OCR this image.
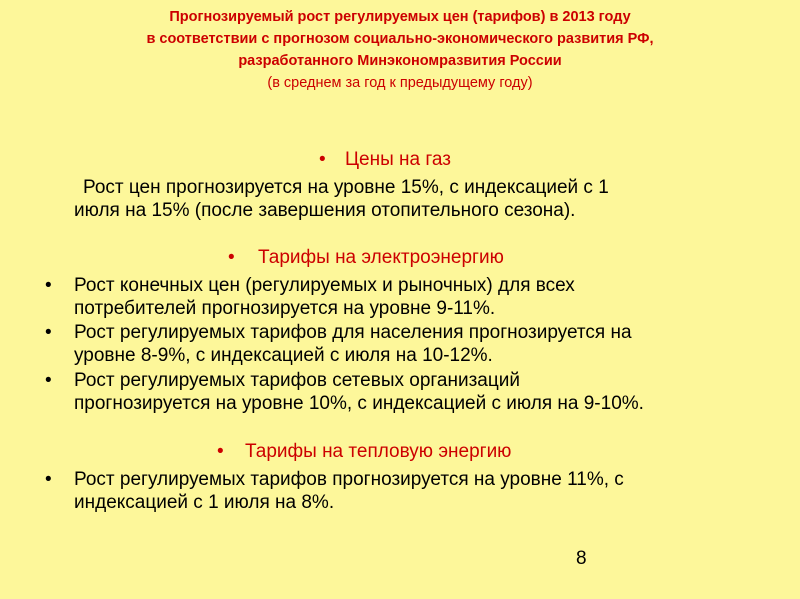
Прогнозируемый рост регулируемых цен (тарифов) в 2013 году
в соответствии с прогнозом социально-экономического развития РФ,
разработанного Минэкономразвития России
(в среднем за год к предыдущему году)
• Цены на газ
Рост цен прогнозируется на уровне 15%, с индексацией с 1
июля на 15% (после завершения отопительного сезона).
• Тарифы на электроэнергию
• Рост конечных цен (регулируемых и рыночных) для всех
потребителей прогнозируется на уровне 9-11%.
• Рост регулируемых тарифов для населения прогнозируется на
уровне 8-9%, с индексацией с июля на 10-12%.
• Рост регулируемых тарифов сетевых организаций
прогнозируется на уровне 10%, с индексацией с июля на 9-10%.
• Тарифы на тепловую энергию
• Рост регулируемых тарифов прогнозируется на уровне 11%, с
индексацией с 1 июля на 8%.
8
